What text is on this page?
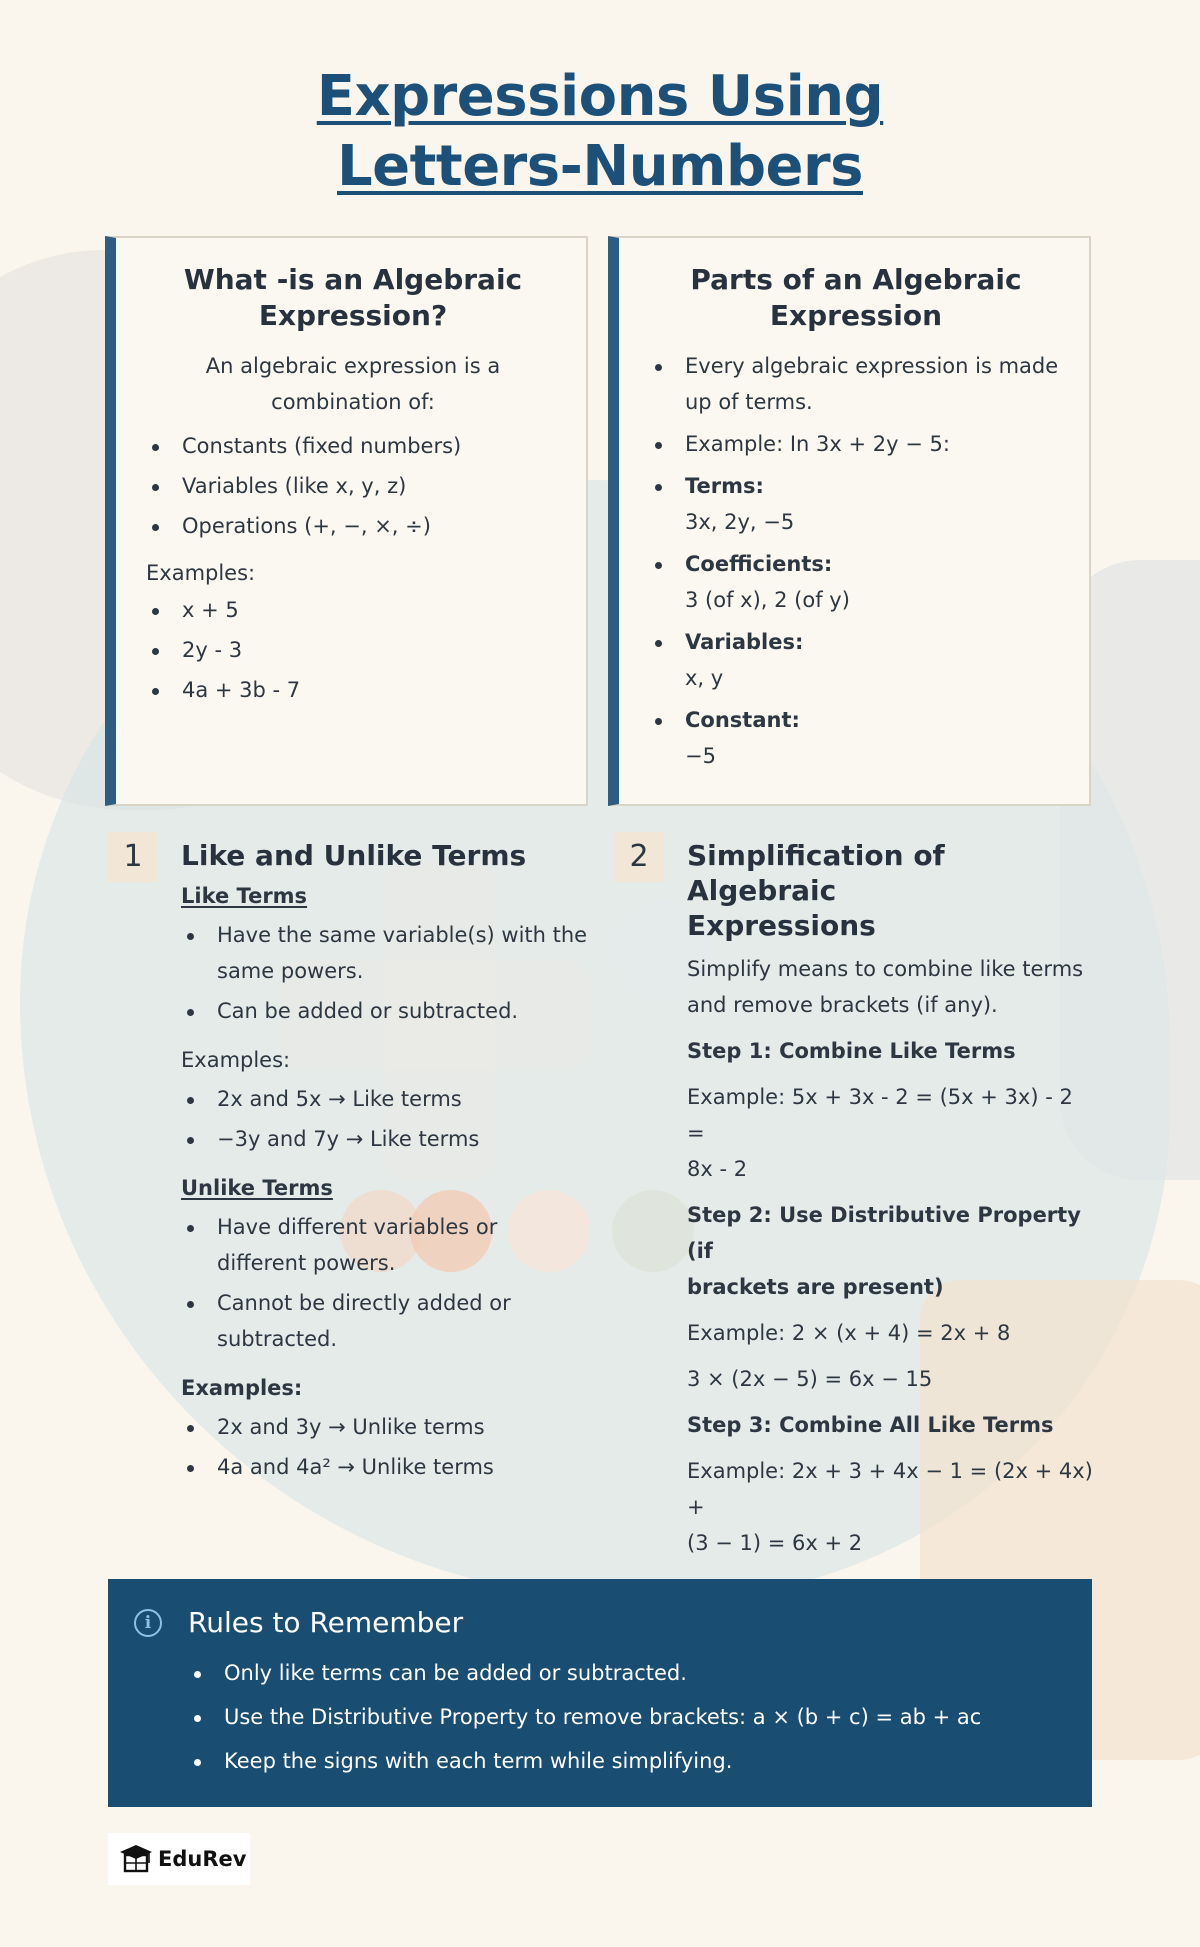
Expressions Using
Letters-Numbers
What -is an Algebraic
Expression?
An algebraic expression is a
combination of:
Constants (fixed numbers)
Variables (like x, y, z)
Operations (+, −, ×, ÷)
Examples:
x + 5
2y - 3
4a + 3b - 7
Parts of an Algebraic
Expression
Every algebraic expression is made
up of terms.
Example: In 3x + 2y − 5:
Terms:
3x, 2y, −5
Coefficients:
3 (of x), 2 (of y)
Variables:
x, y
Constant:
−5
1	Like and Unlike Terms
Like Terms
Have the same variable(s) with the
same powers.
Can be added or subtracted.
Examples:
2x and 5x → Like terms
−3y and 7y → Like terms
Unlike Terms
Have different variables or
different powers.
Cannot be directly added or
subtracted.
Examples:
2x and 3y → Unlike terms
4a and 4a² → Unlike terms
2	Simplification of Algebraic
Expressions

Simplify means to combine like terms
and remove brackets (if any).

Step 1: Combine Like Terms

Example: 5x + 3x - 2 = (5x + 3x) - 2 =
8x - 2

Step 2: Use Distributive Property (if
brackets are present)

Example: 2 × (x + 4) = 2x + 8

3 × (2x − 5) = 6x − 15

Step 3: Combine All Like Terms

Example: 2x + 3 + 4x − 1 = (2x + 4x) +
(3 − 1) = 6x + 2

i	Rules to Remember
Only like terms can be added or subtracted.
Use the Distributive Property to remove brackets: a × (b + c) = ab + ac
Keep the signs with each term while simplifying.
EduRev
